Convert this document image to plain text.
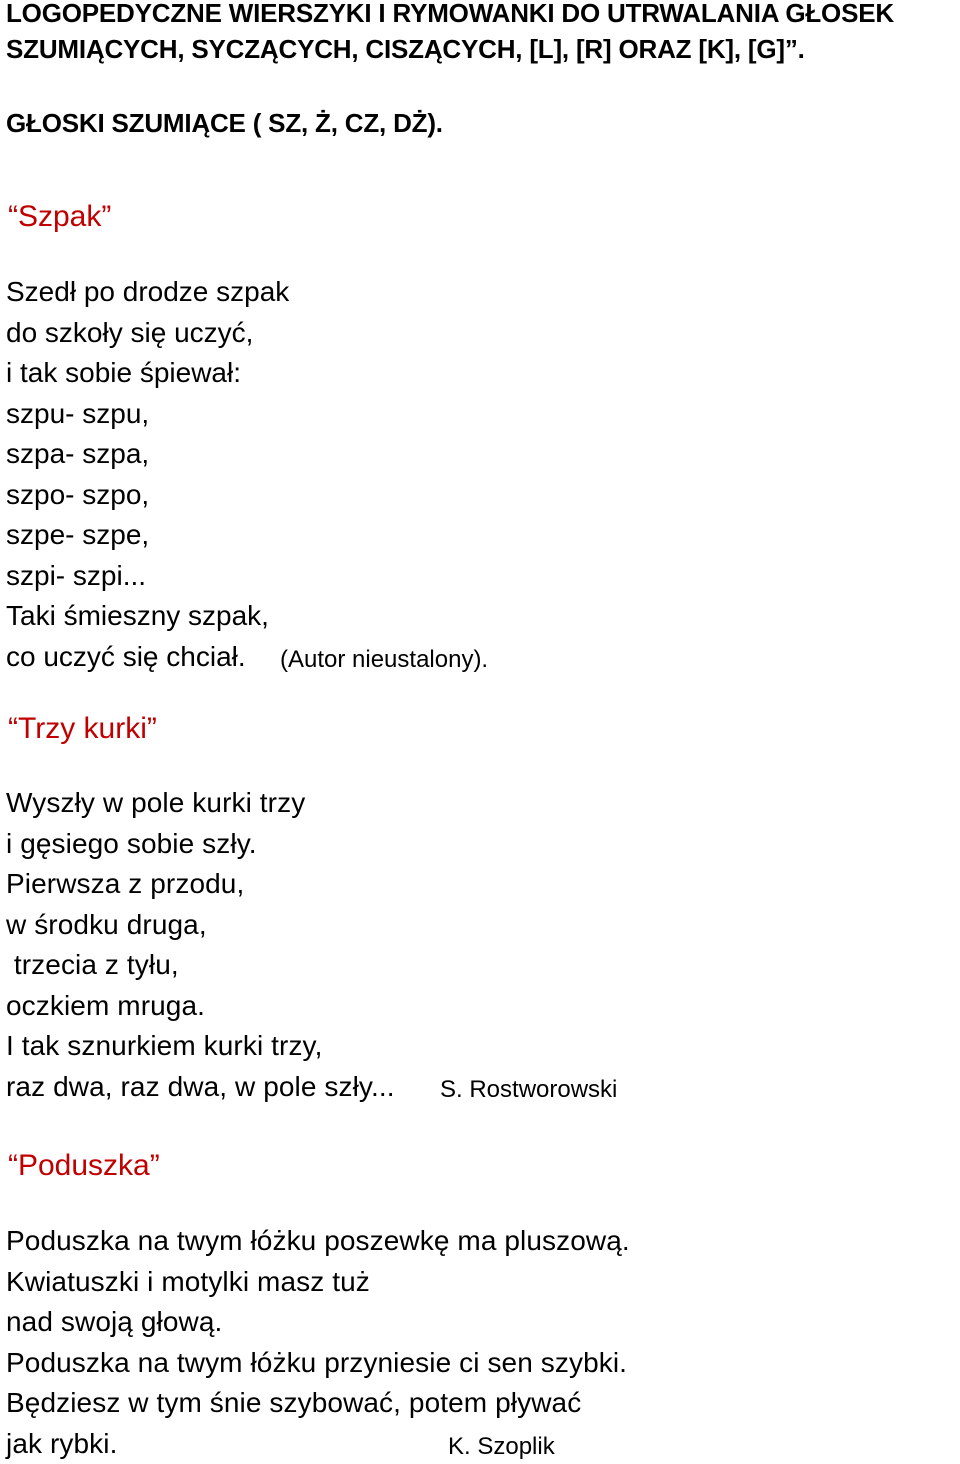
LOGOPEDYCZNE WIERSZYKI I RYMOWANKI DO UTRWALANIA GŁOSEK
SZUMIĄCYCH, SYCZĄCYCH, CISZĄCYCH, [L], [R] ORAZ [K], [G]”.
GŁOSKI SZUMIĄCE ( SZ, Ż, CZ, DŻ).
“Szpak”
Szedł po drodze szpak
do szkoły się uczyć,
i tak sobie śpiewał:
szpu- szpu,
szpa- szpa,
szpo- szpo,
szpe- szpe,
szpi- szpi...
Taki śmieszny szpak,
co uczyć się chciał. (Autor nieustalony).
“Trzy kurki”
Wyszły w pole kurki trzy
i gęsiego sobie szły.
Pierwsza z przodu,
w środku druga,
trzecia z tyłu,
oczkiem mruga.
I tak sznurkiem kurki trzy,
raz dwa, raz dwa, w pole szły... S. Rostworowski
“Poduszka”
Poduszka na twym łóżku poszewkę ma pluszową.
Kwiatuszki i motylki masz tuż
nad swoją głową.
Poduszka na twym łóżku przyniesie ci sen szybki.
Będziesz w tym śnie szybować, potem pływać
jak rybki.	K. Szoplik
